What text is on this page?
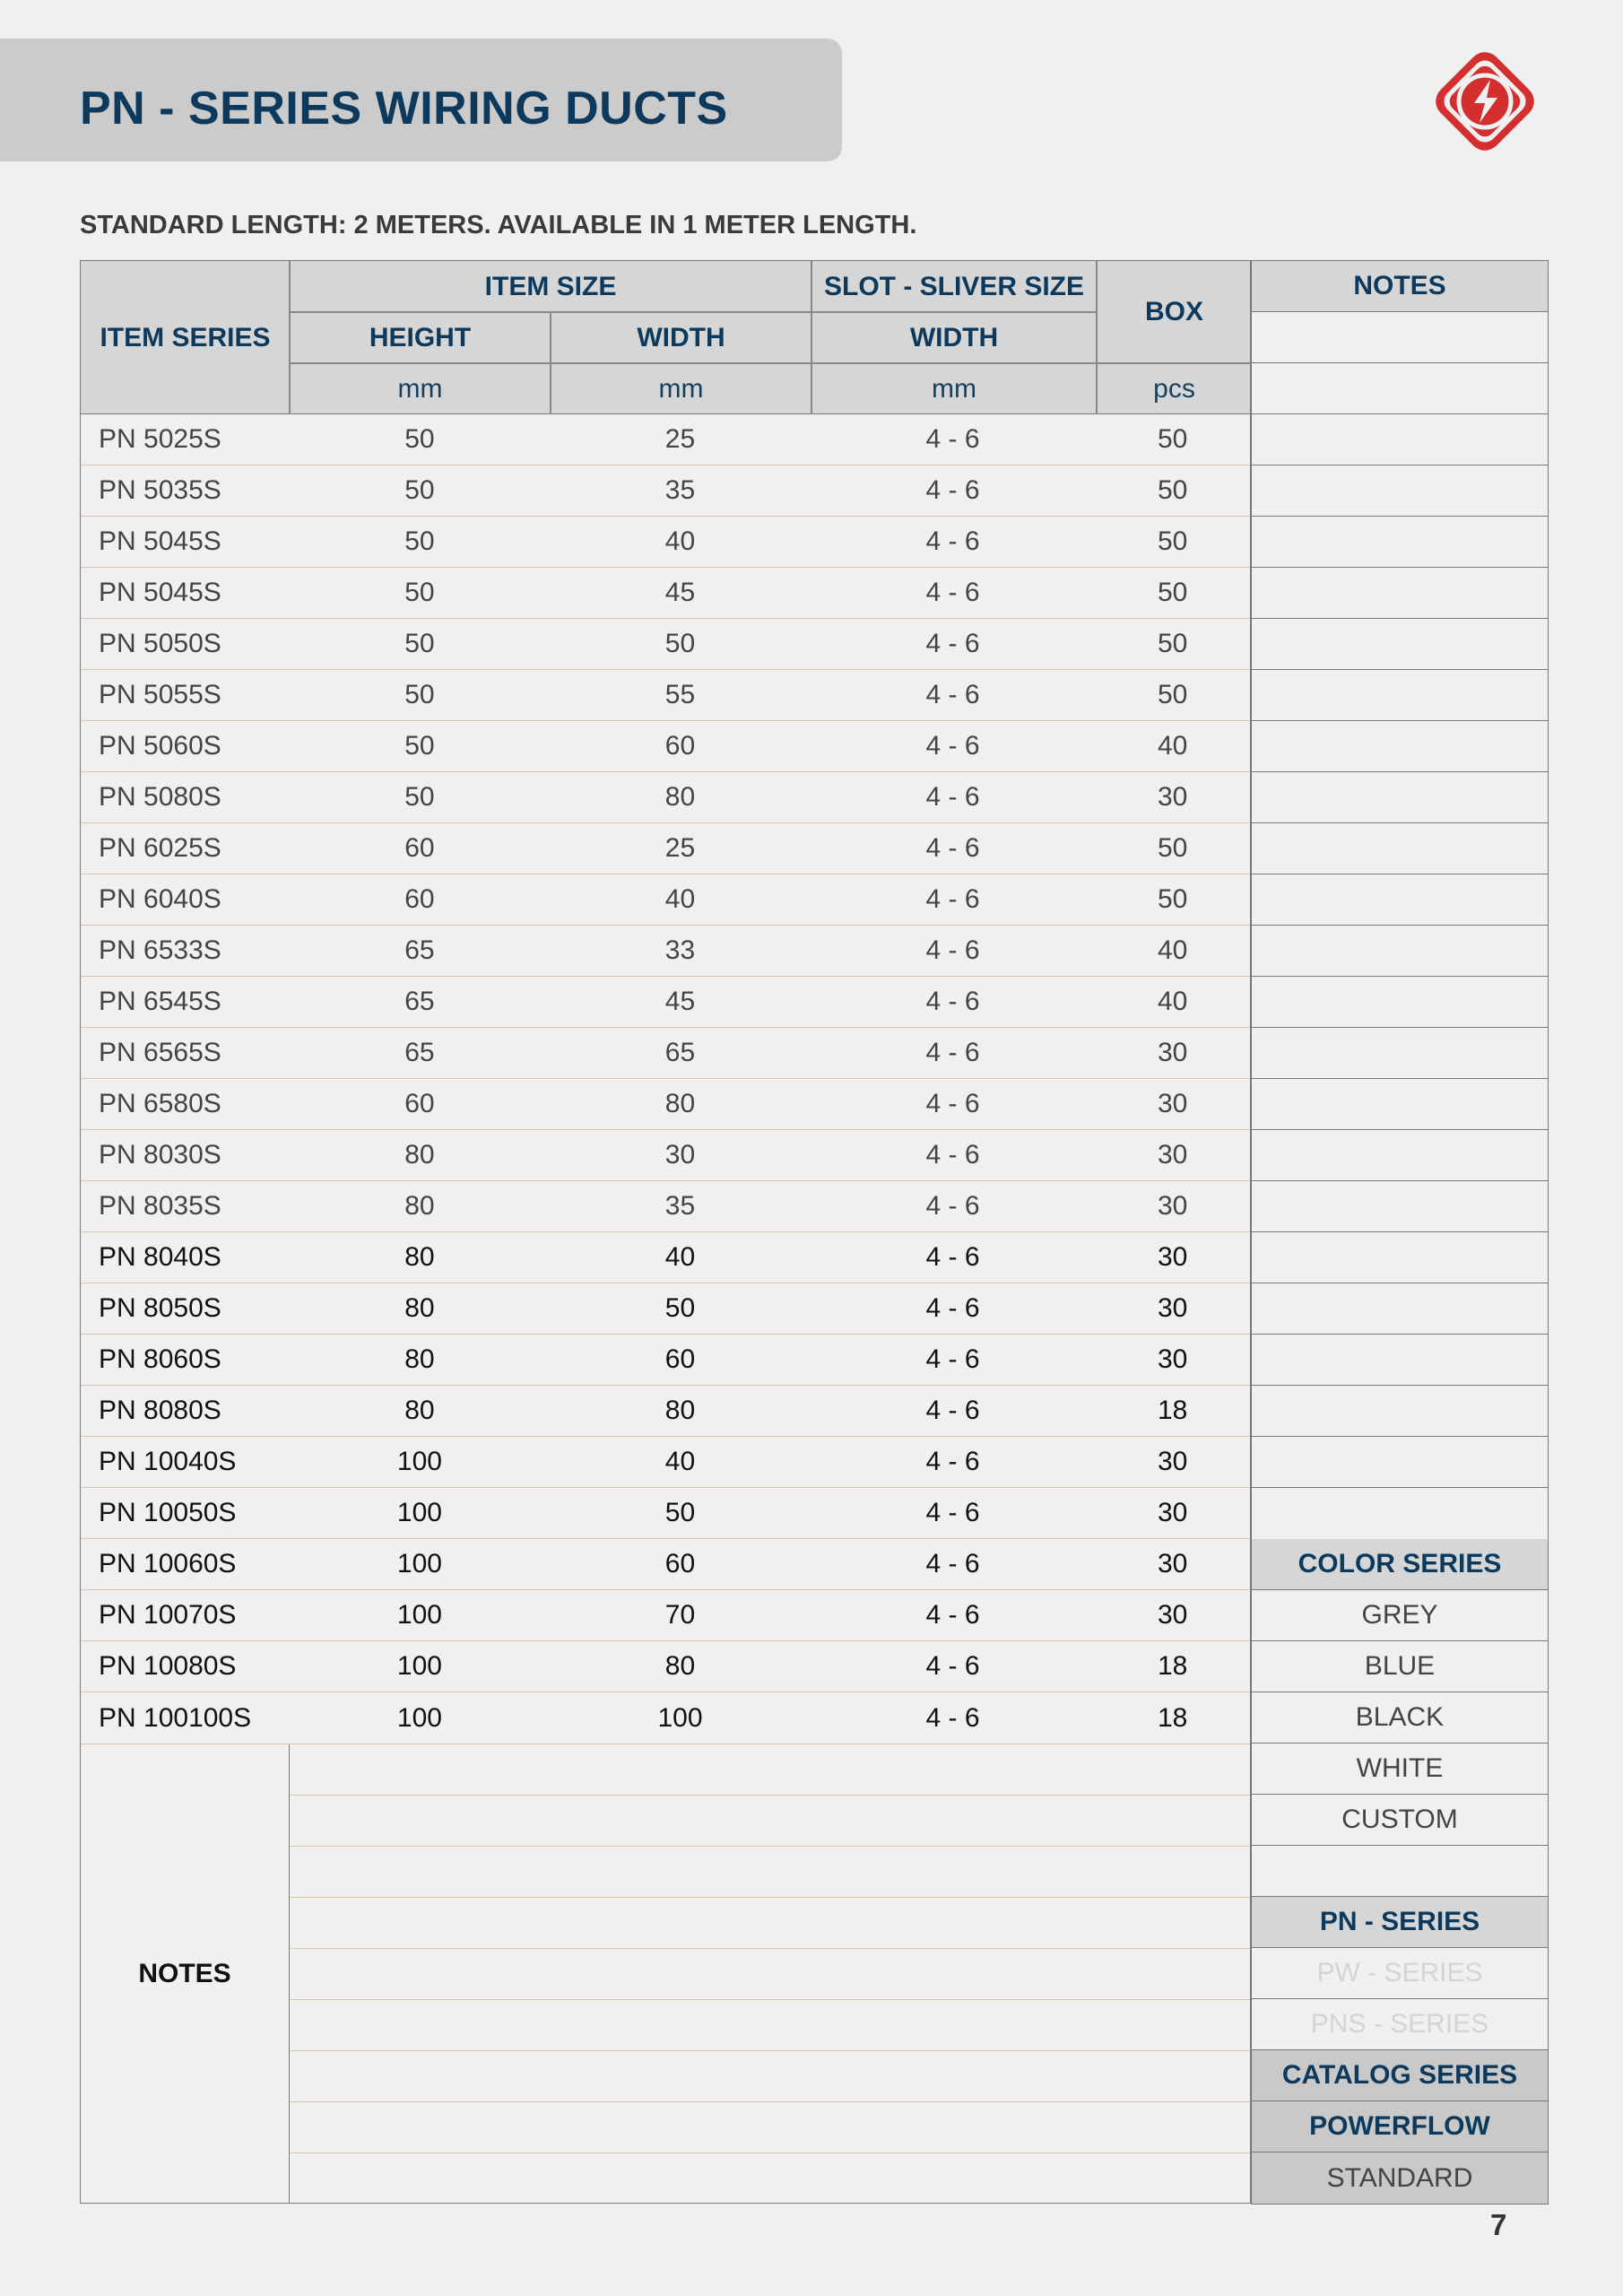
PN - SERIES WIRING DUCTS
STANDARD LENGTH: 2 METERS. AVAILABLE IN 1 METER LENGTH.
ITEM SERIES
ITEM SIZE	SLOT - SLIVER SIZE
BOX
HEIGHT	WIDTH	WIDTH
mm	mm	mm	pcs
PN 5025S	50	25	4 - 6	50
PN 5035S	50	35	4 - 6	50
PN 5045S	50	40	4 - 6	50
PN 5045S	50	45	4 - 6	50
PN 5050S	50	50	4 - 6	50
PN 5055S	50	55	4 - 6	50
PN 5060S	50	60	4 - 6	40
PN 5080S	50	80	4 - 6	30
PN 6025S	60	25	4 - 6	50
PN 6040S	60	40	4 - 6	50
PN 6533S	65	33	4 - 6	40
PN 6545S	65	45	4 - 6	40
PN 6565S	65	65	4 - 6	30
PN 6580S	60	80	4 - 6	30
PN 8030S	80	30	4 - 6	30
PN 8035S	80	35	4 - 6	30
PN 8040S	80	40	4 - 6	30
PN 8050S	80	50	4 - 6	30
PN 8060S	80	60	4 - 6	30
PN 8080S	80	80	4 - 6	18
PN 10040S	100	40	4 - 6	30
PN 10050S	100	50	4 - 6	30
PN 10060S	100	60	4 - 6	30
PN 10070S	100	70	4 - 6	30
PN 10080S	100	80	4 - 6	18
PN 100100S	100	100	4 - 6	18
NOTES
NOTES
COLOR SERIES
GREY
BLUE
BLACK
WHITE
CUSTOM
PN - SERIES
PW - SERIES
PNS - SERIES
CATALOG SERIES
POWERFLOW
STANDARD
7
